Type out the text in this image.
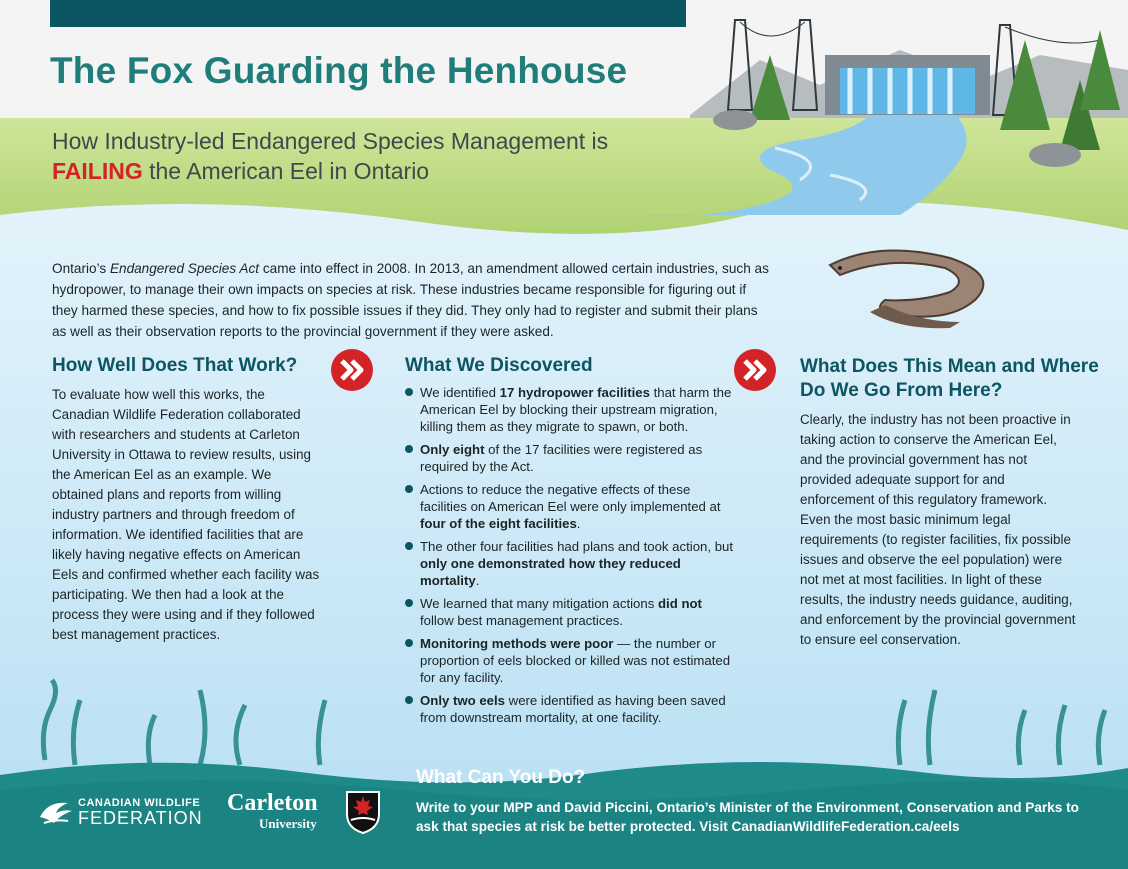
The Fox Guarding the Henhouse
How Industry-led Endangered Species Management is
FAILING the American Eel in Ontario

Ontario’s Endangered Species Act came into effect in 2008. In 2013, an amendment allowed certain industries, such as hydropower, to manage their own impacts on species at risk. These industries became responsible for figuring out if they harmed these species, and how to fix possible issues if they did. They only had to register and submit their plans as well as their observation reports to the provincial government if they were asked.

How Well Does That Work?

To evaluate how well this works, the Canadian Wildlife Federation collaborated with researchers and students at Carleton University in Ottawa to review results, using the American Eel as an example. We obtained plans and reports from willing industry partners and through freedom of information. We identified facilities that are likely having negative effects on American Eels and confirmed whether each facility was participating. We then had a look at the process they were using and if they followed best management practices.

What We Discovered
We identified 17 hydropower facilities that harm the American Eel by blocking their upstream migration, killing them as they migrate to spawn, or both.
Only eight of the 17 facilities were registered as required by the Act.
Actions to reduce the negative effects of these facilities on American Eel were only implemented at four of the eight facilities.
The other four facilities had plans and took action, but only one demonstrated how they reduced mortality.
We learned that many mitigation actions did not follow best management practices.
Monitoring methods were poor — the number or proportion of eels blocked or killed was not estimated for any facility.
Only two eels were identified as having been saved from downstream mortality, at one facility.
What Does This Mean and Where Do We Go From Here?

Clearly, the industry has not been proactive in taking action to conserve the American Eel, and the provincial government has not provided adequate support for and enforcement of this regulatory framework. Even the most basic minimum legal requirements (to register facilities, fix possible issues and observe the eel population) were not met at most facilities. In light of these results, the industry needs guidance, auditing, and enforcement by the provincial government to ensure eel conservation.

CANADIAN WILDLIFE
FEDERATION
Carleton
University
What Can You Do?

Write to your MPP and David Piccini, Ontario’s Minister of the Environment, Conservation and Parks to ask that species at risk be better protected. Visit CanadianWildlifeFederation.ca/eels
